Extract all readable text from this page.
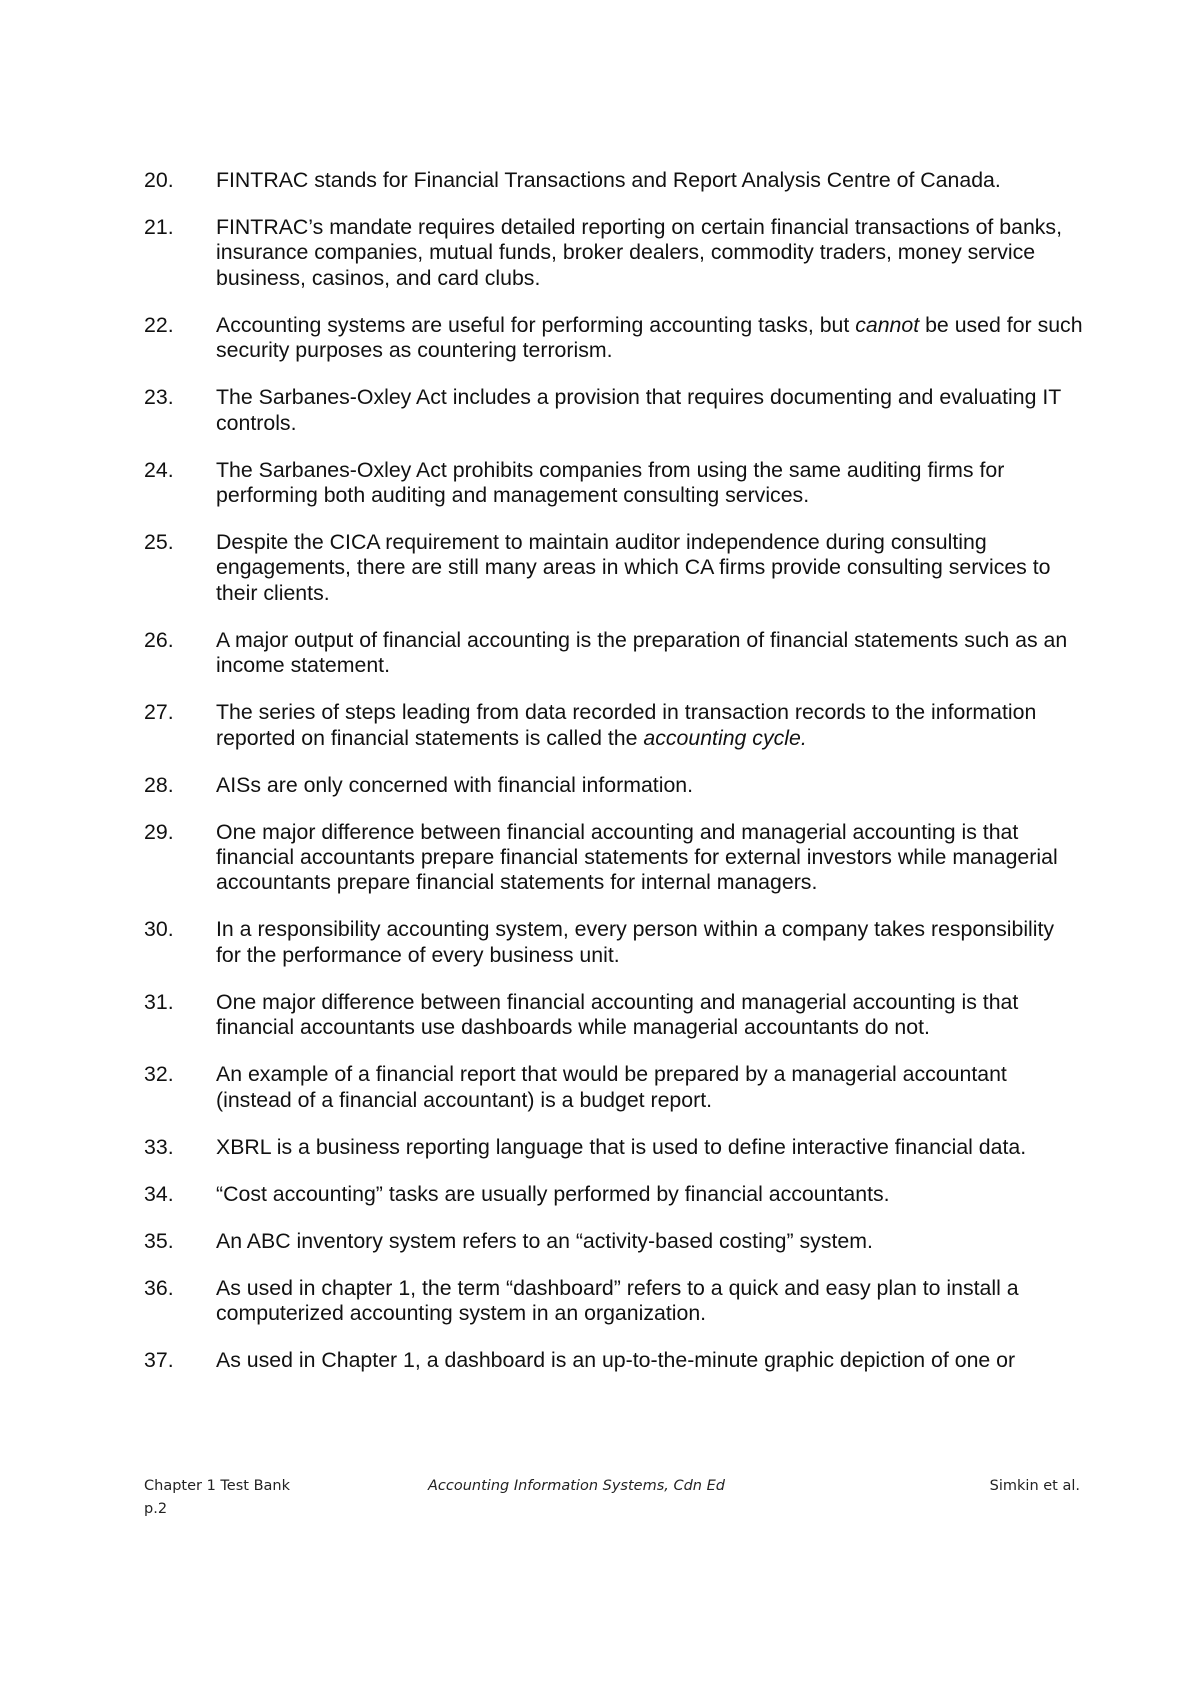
20.	FINTRAC stands for Financial Transactions and Report Analysis Centre of Canada.
21.	FINTRAC’s mandate requires detailed reporting on certain financial transactions of banks, insurance companies, mutual funds, broker dealers, commodity traders, money service business, casinos, and card clubs.
22.	Accounting systems are useful for performing accounting tasks, but cannot be used for such security purposes as countering terrorism.
23.	The Sarbanes-Oxley Act includes a provision that requires documenting and evaluating IT controls.
24.	The Sarbanes-Oxley Act prohibits companies from using the same auditing firms for performing both auditing and management consulting services.
25.	Despite the CICA requirement to maintain auditor independence during consulting engagements, there are still many areas in which CA firms provide consulting services to their clients.
26.	A major output of financial accounting is the preparation of financial statements such as an income statement.
27.	The series of steps leading from data recorded in transaction records to the information reported on financial statements is called the accounting cycle.
28.	AISs are only concerned with financial information.
29.	One major difference between financial accounting and managerial accounting is that financial accountants prepare financial statements for external investors while managerial accountants prepare financial statements for internal managers.
30.	In a responsibility accounting system, every person within a company takes responsibility for the performance of every business unit.
31.	One major difference between financial accounting and managerial accounting is that financial accountants use dashboards while managerial accountants do not.
32.	An example of a financial report that would be prepared by a managerial accountant (instead of a financial accountant) is a budget report.
33.	XBRL is a business reporting language that is used to define interactive financial data.
34.	“Cost accounting” tasks are usually performed by financial accountants.
35.	An ABC inventory system refers to an “activity-based costing” system.
36.	As used in chapter 1, the term “dashboard” refers to a quick and easy plan to install a computerized accounting system in an organization.
37.	As used in Chapter 1, a dashboard is an up-to-the-minute graphic depiction of one or
Chapter 1 Test Bank	Accounting Information Systems, Cdn Ed	Simkin et al.
p.2
